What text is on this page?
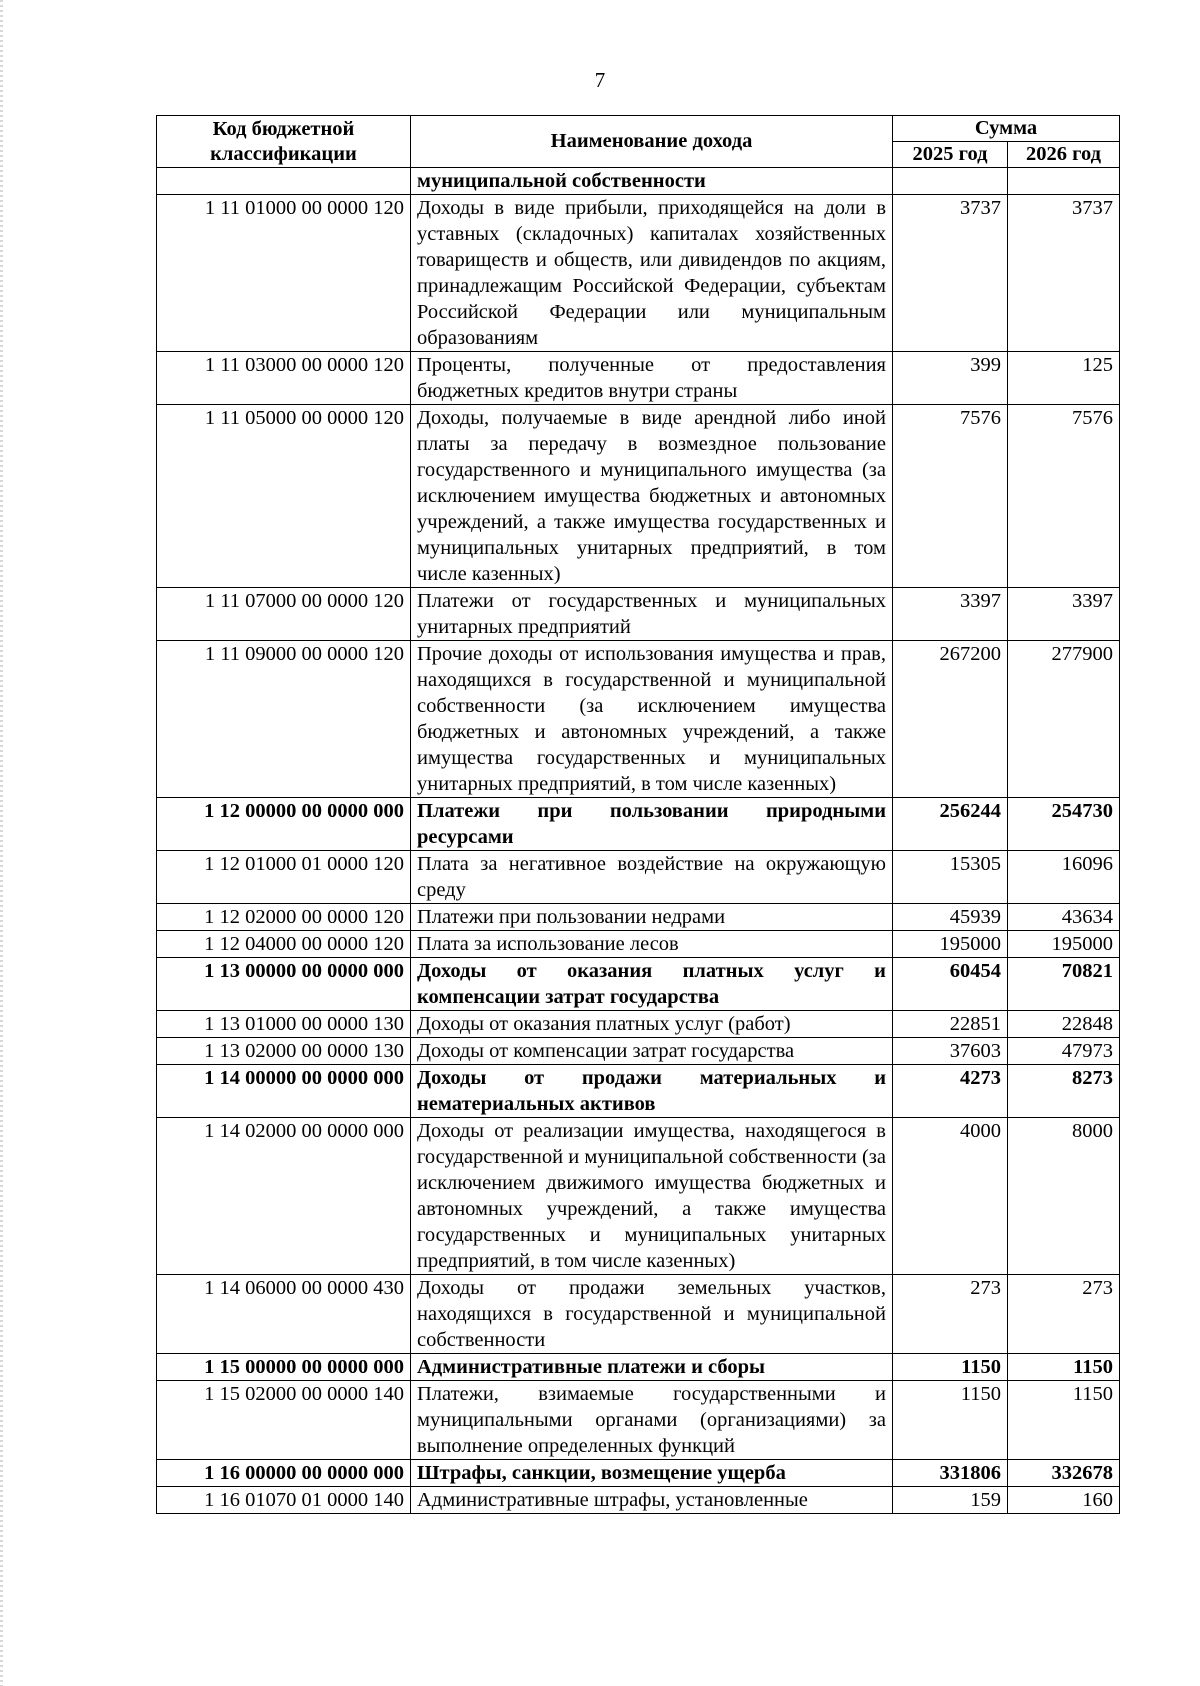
7
Код бюджетной классификации	Наименование дохода	Сумма	
		2025 год	2026 год
	муниципальной собственности		
1 11 01000 00 0000 120	Доходы в виде прибыли, приходящейся на доли в уставных (складочных) капиталах хозяйственных товариществ и обществ, или дивидендов по акциям, принадлежащим Российской Федерации, субъектам Российской Федерации или муниципальным образованиям	3737	3737
1 11 03000 00 0000 120	Проценты, полученные от предоставления бюджетных кредитов внутри страны	399	125
1 11 05000 00 0000 120	Доходы, получаемые в виде арендной либо иной платы за передачу в возмездное пользование государственного и муниципального имущества (за исключением имущества бюджетных и автономных учреждений, а также имущества государственных и муниципальных унитарных предприятий, в том числе казенных)	7576	7576
1 11 07000 00 0000 120	Платежи от государственных и муниципальных унитарных предприятий	3397	3397
1 11 09000 00 0000 120	Прочие доходы от использования имущества и прав, находящихся в государственной и муниципальной собственности (за исключением имущества бюджетных и автономных учреждений, а также имущества государственных и муниципальных унитарных предприятий, в том числе казенных)	267200	277900
1 12 00000 00 0000 000	Платежи при пользовании природными ресурсами	256244	254730
1 12 01000 01 0000 120	Плата за негативное воздействие на окружающую среду	15305	16096
1 12 02000 00 0000 120	Платежи при пользовании недрами	45939	43634
1 12 04000 00 0000 120	Плата за использование лесов	195000	195000
1 13 00000 00 0000 000	Доходы от оказания платных услуг и компенсации затрат государства	60454	70821
1 13 01000 00 0000 130	Доходы от оказания платных услуг (работ)	22851	22848
1 13 02000 00 0000 130	Доходы от компенсации затрат государства	37603	47973
1 14 00000 00 0000 000	Доходы от продажи материальных и нематериальных активов	4273	8273
1 14 02000 00 0000 000	Доходы от реализации имущества, находящегося в государственной и муниципальной собственности (за исключением движимого имущества бюджетных и автономных учреждений, а также имущества государственных и муниципальных унитарных предприятий, в том числе казенных)	4000	8000
1 14 06000 00 0000 430	Доходы от продажи земельных участков, находящихся в государственной и муниципальной собственности	273	273
1 15 00000 00 0000 000	Административные платежи и сборы	1150	1150
1 15 02000 00 0000 140	Платежи, взимаемые государственными и муниципальными органами (организациями) за выполнение определенных функций	1150	1150
1 16 00000 00 0000 000	Штрафы, санкции, возмещение ущерба	331806	332678
1 16 01070 01 0000 140	Административные штрафы, установленные	159	160
